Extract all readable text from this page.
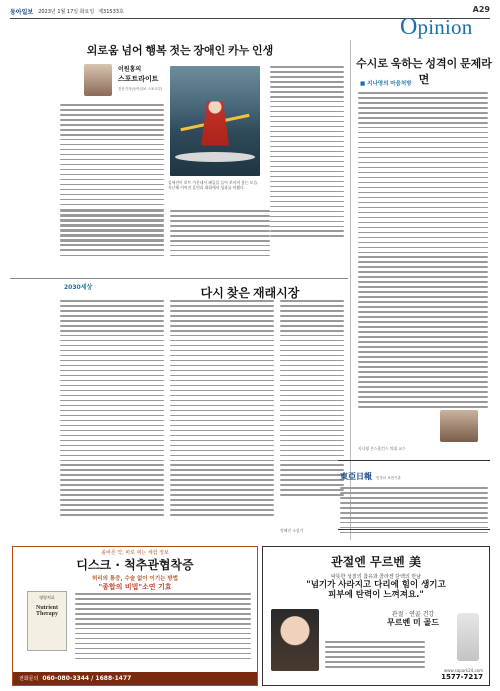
동아일보 2023년 1월 17일 화요일 제31533호	A29
Opinion
외로움 넘어 행복 젓는 장애인 카누 인생
이원홍의
스포트라이트
전문기자(동아일보 스포츠부)
김세진이 보트 가운데서 패들을 들어 보이며 웃는 모습. 지난해 이어진 훈련과 대회에서 성과를 이뤘다.
수시로 욱하는 성격이 문제라면
■ 지나영의 마음처방
지나영 존스홉킨스 의대 교수
2030세상	다시 찾은 재래시장
정혜진 소설가
東亞日報 민족의 표현기관
올바른 약, 바로 먹는 체험 정보
디스크 · 척추관협착증
허리의 통증, 수술 없이 이기는 방법
"종합의 비법"소연 ​기효
영양치료
Nutrient Therapy
전화문의 060-080-3344 / 1688-1477
관절엔 무르벤 美
따뜻한 성질의 참유과 콜라겐 단백의 만남
"넘기가 사라지고 다리에 힘이 생기고
피부에 탄력이 느껴져요."
관절 · 연골 건강
무르벤 미 골드
www.sapark24.com
1577-7217
